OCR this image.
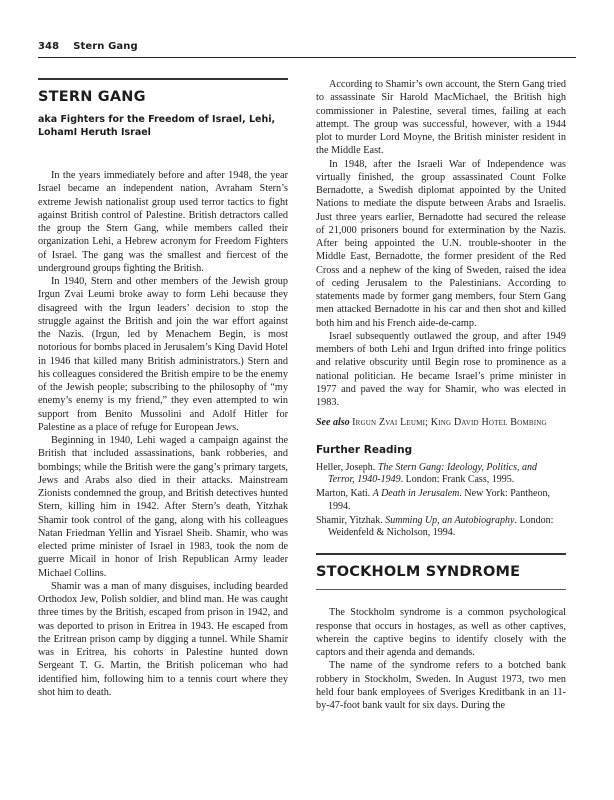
348 Stern Gang
STERN GANG
aka Fighters for the Freedom of Israel, Lehi, LohamI Heruth Israel

In the years immediately before and after 1948, the year Israel became an independent nation, Avraham Stern’s extreme Jewish nationalist group used terror tactics to fight against British control of Palestine. British detractors called the group the Stern Gang, while members called their organization Lehi, a Hebrew acronym for Freedom Fighters of Israel. The gang was the smallest and fiercest of the underground groups fighting the British.

In 1940, Stern and other members of the Jewish group Irgun Zvai Leumi broke away to form Lehi because they disagreed with the Irgun leaders’ decision to stop the struggle against the British and join the war effort against the Nazis. (Irgun, led by Menachem Begin, is most notorious for bombs placed in Jerusalem’s King David Hotel in 1946 that killed many British administrators.) Stern and his colleagues considered the British empire to be the enemy of the Jewish people; subscribing to the philosophy of “my enemy’s enemy is my friend,” they even attempted to win support from Benito Mussolini and Adolf Hitler for Palestine as a place of refuge for European Jews.

Beginning in 1940, Lehi waged a campaign against the British that included assassinations, bank robberies, and bombings; while the British were the gang’s primary targets, Jews and Arabs also died in their attacks. Mainstream Zionists condemned the group, and British detectives hunted Stern, killing him in 1942. After Stern’s death, Yitzhak Shamir took control of the gang, along with his colleagues Natan Friedman Yellin and Yisrael Sheib. Shamir, who was elected prime minister of Israel in 1983, took the nom de guerre Micail in honor of Irish Republican Army leader Michael Collins.

Shamir was a man of many disguises, including bearded Orthodox Jew, Polish soldier, and blind man. He was caught three times by the British, escaped from prison in 1942, and was deported to prison in Eritrea in 1943. He escaped from the Eritrean prison camp by digging a tunnel. While Shamir was in Eritrea, his cohorts in Palestine hunted down Sergeant T. G. Martin, the British policeman who had identified him, following him to a tennis court where they shot him to death.

According to Shamir’s own account, the Stern Gang tried to assassinate Sir Harold MacMichael, the British high commissioner in Palestine, several times, failing at each attempt. The group was successful, however, with a 1944 plot to murder Lord Moyne, the British minister resident in the Middle East.

In 1948, after the Israeli War of Independence was virtually finished, the group assassinated Count Folke Bernadotte, a Swedish diplomat appointed by the United Nations to mediate the dispute between Arabs and Israelis. Just three years earlier, Bernadotte had secured the release of 21,000 prisoners bound for extermination by the Nazis. After being appointed the U.N. trouble-shooter in the Middle East, Bernadotte, the former president of the Red Cross and a nephew of the king of Sweden, raised the idea of ceding Jerusalem to the Palestinians. According to statements made by former gang members, four Stern Gang men attacked Bernadotte in his car and then shot and killed both him and his French aide-de-camp.

Israel subsequently outlawed the group, and after 1949 members of both Lehi and Irgun drifted into fringe politics and relative obscurity until Begin rose to prominence as a national politician. He became Israel’s prime minister in 1977 and paved the way for Shamir, who was elected in 1983.

See also Irgun Zvai Leumi; King David Hotel Bombing
Further Reading
Heller, Joseph. The Stern Gang: Ideology, Politics, and Terror, 1940-1949. London: Frank Cass, 1995.
Marton, Kati. A Death in Jerusalem. New York: Pantheon, 1994.
Shamir, Yitzhak. Summing Up, an Autobiography. London: Weidenfeld & Nicholson, 1994.
STOCKHOLM SYNDROME

The Stockholm syndrome is a common psychological response that occurs in hostages, as well as other captives, wherein the captive begins to identify closely with the captors and their agenda and demands.

The name of the syndrome refers to a botched bank robbery in Stockholm, Sweden. In August 1973, two men held four bank employees of Sveriges Kreditbank in an 11-by-47-foot bank vault for six days. During the
